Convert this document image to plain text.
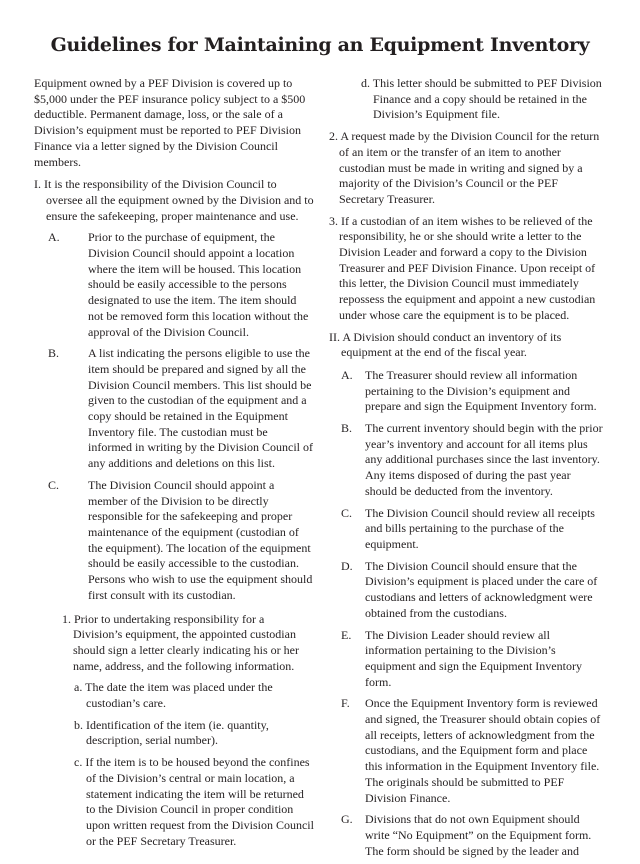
Guidelines for Maintaining an Equipment Inventory

Equipment owned by a PEF Division is covered up to $5,000 under the PEF insurance policy subject to a $500 deductible. Permanent damage, loss, or the sale of a Division’s equipment must be reported to PEF Division Finance via a letter signed by the Division Council members.

I. It is the responsibility of the Division Council to oversee all the equipment owned by the Division and to ensure the safekeeping, proper maintenance and use.

A. Prior to the purchase of equipment, the Division Council should appoint a location where the item will be housed. This location should be easily accessible to the persons designated to use the item. The item should not be removed form this location without the approval of the Division Council.

B. A list indicating the persons eligible to use the item should be prepared and signed by all the Division Council members. This list should be given to the custodian of the equipment and a copy should be retained in the Equipment Inventory file. The custodian must be informed in writing by the Division Council of any additions and deletions on this list.

C. The Division Council should appoint a member of the Division to be directly responsible for the safekeeping and proper maintenance of the equipment (custodian of the equipment). The location of the equipment should be easily accessible to the custodian. Persons who wish to use the equipment should first consult with its custodian.

1. Prior to undertaking responsibility for a Division’s equipment, the appointed custodian should sign a letter clearly indicating his or her name, address, and the following information.

a. The date the item was placed under the custodian’s care.

b. Identification of the item (ie. quantity, description, serial number).

c. If the item is to be housed beyond the confines of the Division’s central or main location, a statement indicating the item will be returned to the Division Council in proper condition upon written request from the Division Council or the PEF Secretary Treasurer.

d. This letter should be submitted to PEF Division Finance and a copy should be retained in the Division’s Equipment file.

2. A request made by the Division Council for the return of an item or the transfer of an item to another custodian must be made in writing and signed by a majority of the Division’s Council or the PEF Secretary Treasurer.

3. If a custodian of an item wishes to be relieved of the responsibility, he or she should write a letter to the Division Leader and forward a copy to the Division Treasurer and PEF Division Finance. Upon receipt of this letter, the Division Council must immediately repossess the equipment and appoint a new custodian under whose care the equipment is to be placed.

II. A Division should conduct an inventory of its equipment at the end of the fiscal year.

A. The Treasurer should review all information pertaining to the Division’s equipment and prepare and sign the Equipment Inventory form.

B. The current inventory should begin with the prior year’s inventory and account for all items plus any additional purchases since the last inventory. Any items disposed of during the past year should be deducted from the inventory.

C. The Division Council should review all receipts and bills pertaining to the purchase of the equipment.

D. The Division Council should ensure that the Division’s equipment is placed under the care of custodians and letters of acknowledgment were obtained from the custodians.

E. The Division Leader should review all information pertaining to the Division’s equipment and sign the Equipment Inventory form.

F. Once the Equipment Inventory form is reviewed and signed, the Treasurer should obtain copies of all receipts, letters of acknowledgment from the custodians, and the Equipment form and place this information in the Equipment Inventory file. The originals should be submitted to PEF Division Finance.

G. Divisions that do not own Equipment should write “No Equipment” on the Equipment form. The form should be signed by the leader and
